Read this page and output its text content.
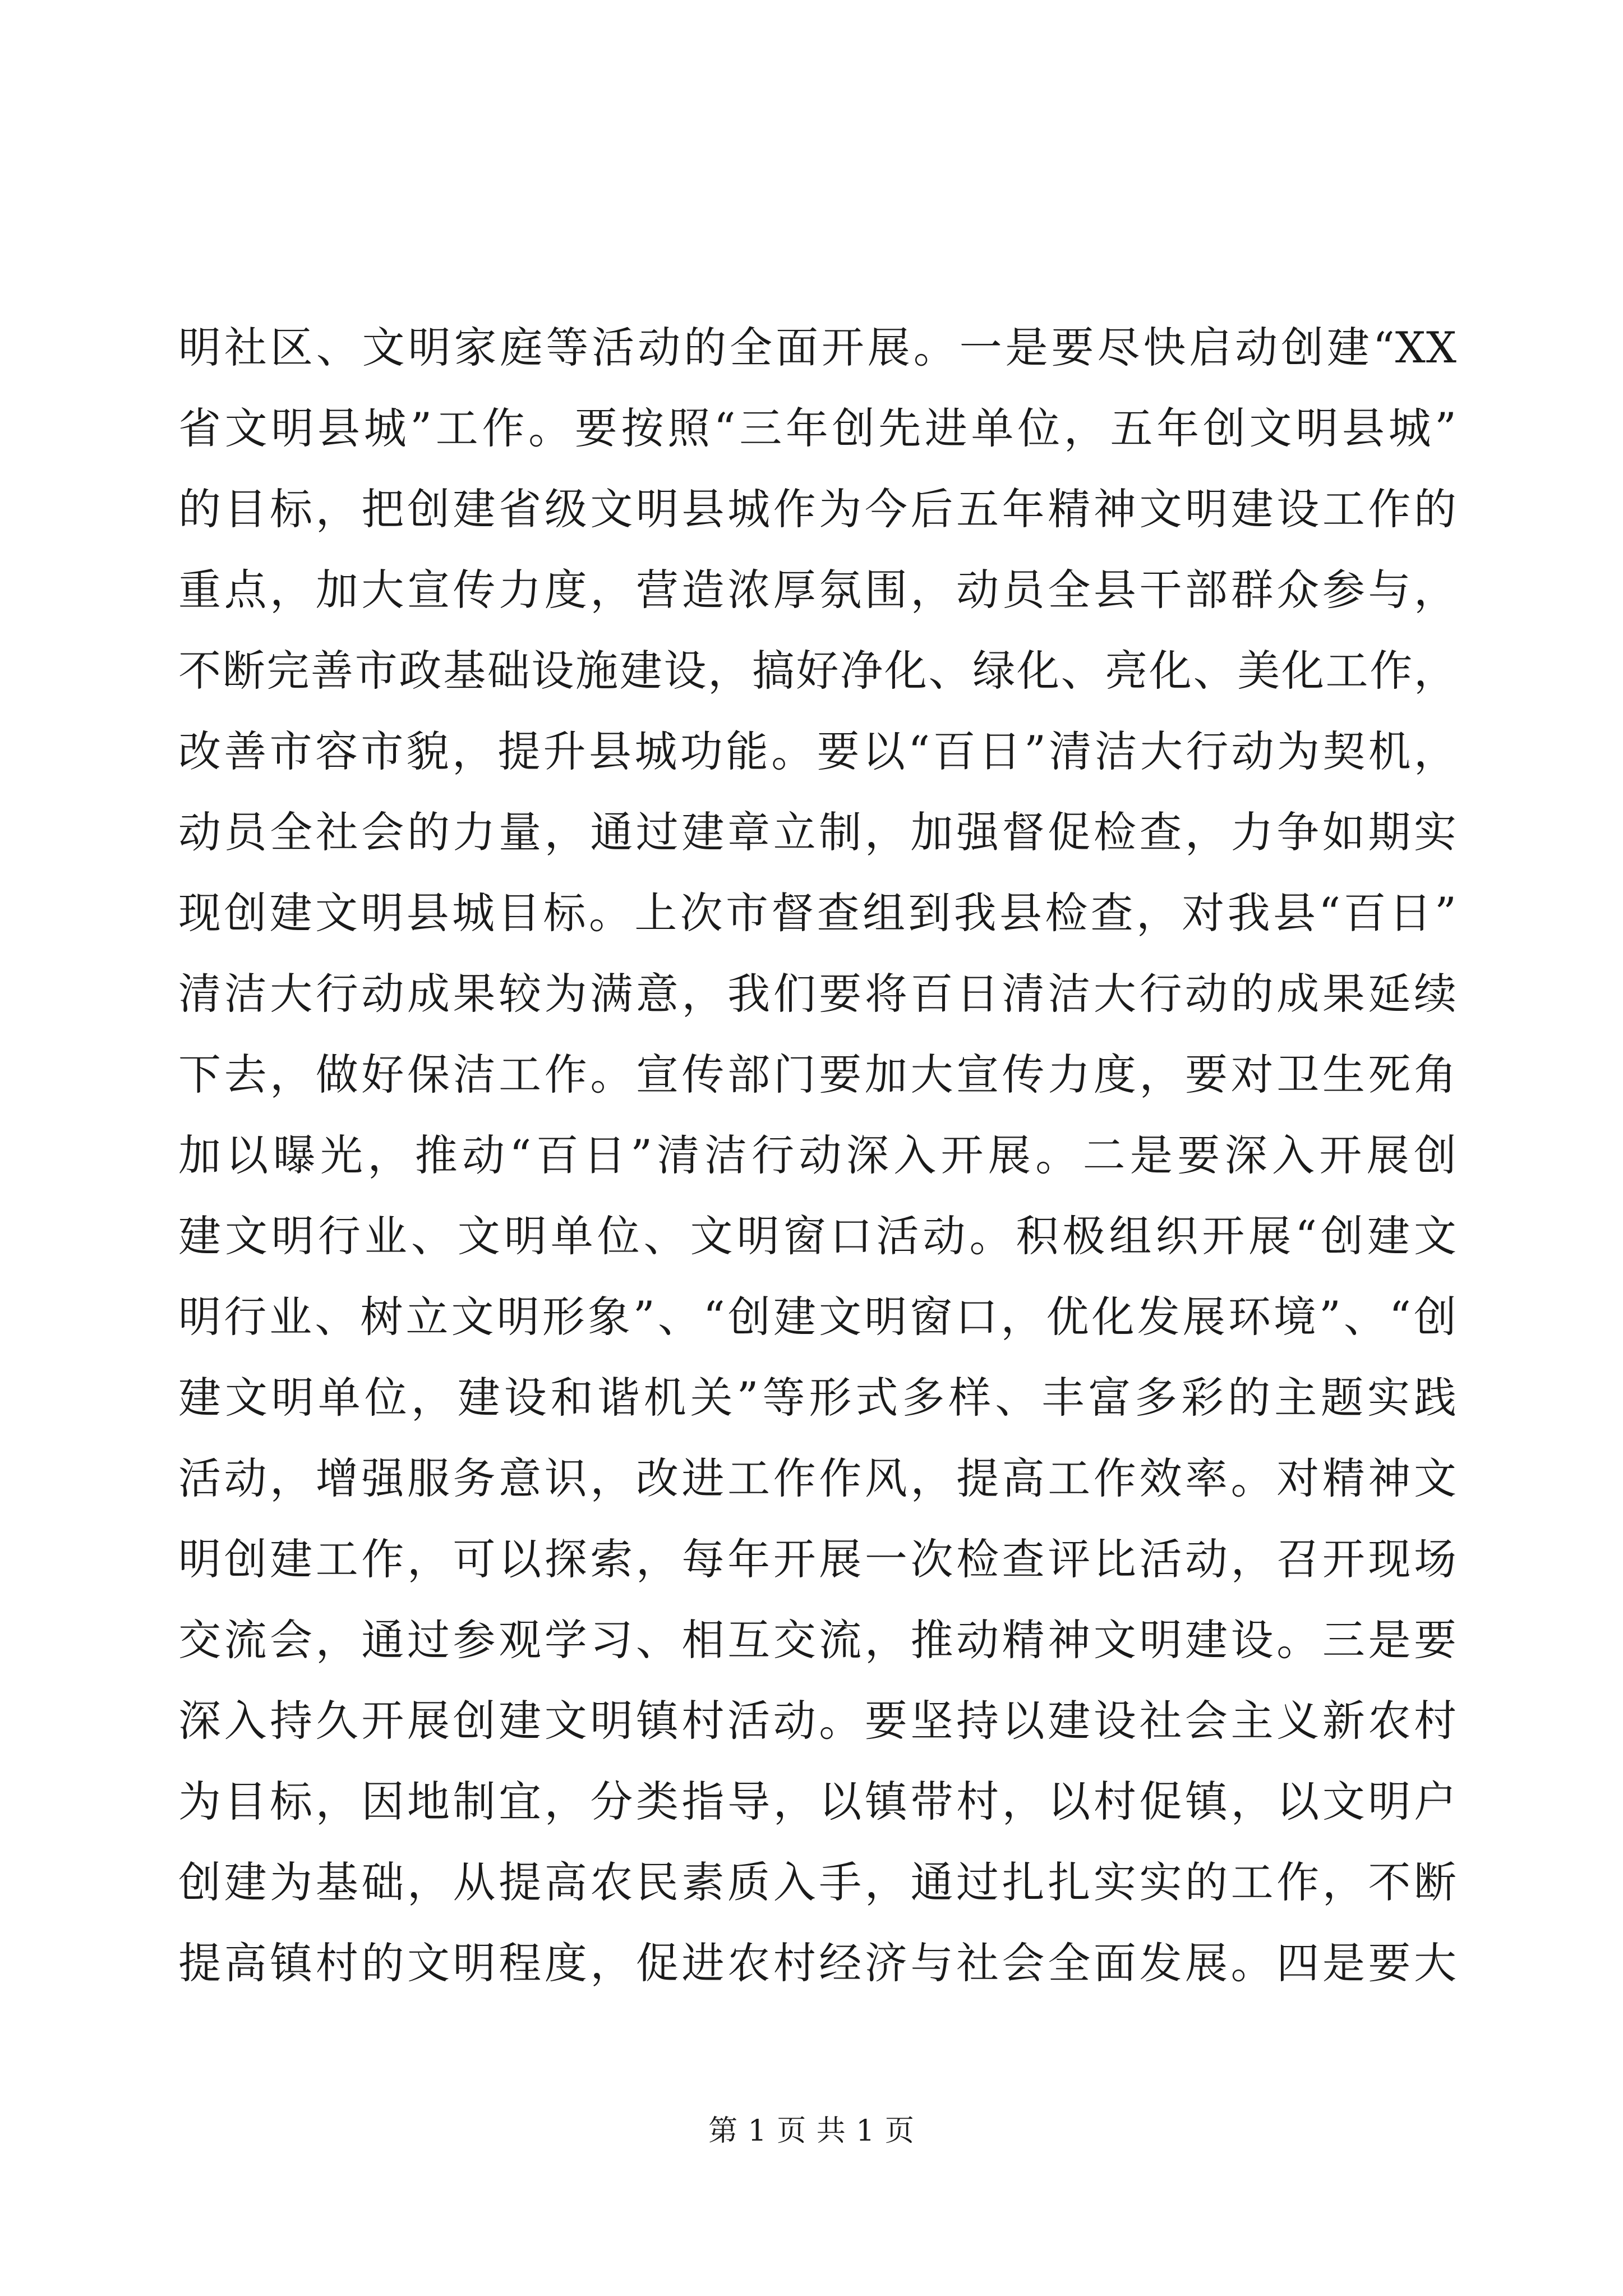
明社区、文明家庭等活动的全面开展。一是要尽快启动创建“XX
省文明县城”工作。要按照“三年创先进单位，五年创文明县城”
的目标，把创建省级文明县城作为今后五年精神文明建设工作的
重点，加大宣传力度，营造浓厚氛围，动员全县干部群众参与，
不断完善市政基础设施建设，搞好净化、绿化、亮化、美化工作，
改善市容市貌，提升县城功能。要以“百日”清洁大行动为契机，
动员全社会的力量，通过建章立制，加强督促检查，力争如期实
现创建文明县城目标。上次市督查组到我县检查，对我县“百日”
清洁大行动成果较为满意，我们要将百日清洁大行动的成果延续
下去，做好保洁工作。宣传部门要加大宣传力度，要对卫生死角
加以曝光，推动“百日”清洁行动深入开展。二是要深入开展创
建文明行业、文明单位、文明窗口活动。积极组织开展“创建文
明行业、树立文明形象”、“创建文明窗口，优化发展环境”、“创
建文明单位，建设和谐机关”等形式多样、丰富多彩的主题实践
活动，增强服务意识，改进工作作风，提高工作效率。对精神文
明创建工作，可以探索，每年开展一次检查评比活动，召开现场
交流会，通过参观学习、相互交流，推动精神文明建设。三是要
深入持久开展创建文明镇村活动。要坚持以建设社会主义新农村
为目标，因地制宜，分类指导，以镇带村，以村促镇，以文明户
创建为基础，从提高农民素质入手，通过扎扎实实的工作，不断
提高镇村的文明程度，促进农村经济与社会全面发展。四是要大
第 1 页 共 1 页
